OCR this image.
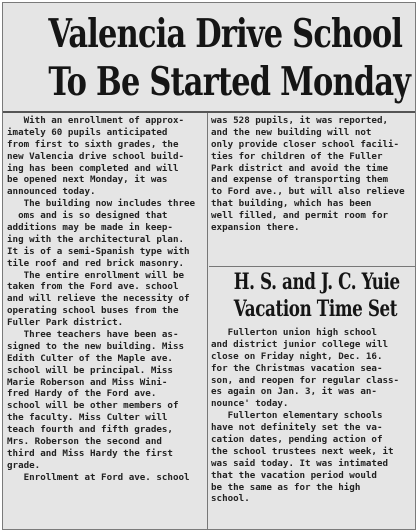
Valencia Drive School
To Be Started Monday
With an enrollment of approx-
imately 60 pupils anticipated
from first to sixth grades, the
new Valencia drive school build-
ing has been completed and will
be opened next Monday, it was
announced today.
The building now includes three
oms and is so designed that
additions may be made in keep-
ing with the architectural plan.
It is of a semi-Spanish type with
tile roof and red brick masonry.
The entire enrollment will be
taken from the Ford ave. school
and will relieve the necessity of
operating school buses from the
Fuller Park district.
Three teachers have been as-
signed to the new building. Miss
Edith Culter of the Maple ave.
school will be principal. Miss
Marie Roberson and Miss Wini-
fred Hardy of the Ford ave.
school will be other members of
the faculty. Miss Culter will
teach fourth and fifth grades,
Mrs. Roberson the second and
third and Miss Hardy the first
grade.
Enrollment at Ford ave. school
was 528 pupils, it was reported,
and the new building will not
only provide closer school facili-
ties for children of the Fuller
Park district and avoid the time
and expense of transporting them
to Ford ave., but will also relieve
that building, which has been
well filled, and permit room for
expansion there.
H. S. and J. C. Yuie
Vacation Time Set
Fullerton union high school
and district junior college will
close on Friday night, Dec. 16.
for the Christmas vacation sea-
son, and reopen for regular class-
es again on Jan. 3, it was an-
nounce' today.
Fullerton elementary schools
have not definitely set the va-
cation dates, pending action of
the school trustees next week, it
was said today. It was intimated
that the vacation period would
be the same as for the high
school.
